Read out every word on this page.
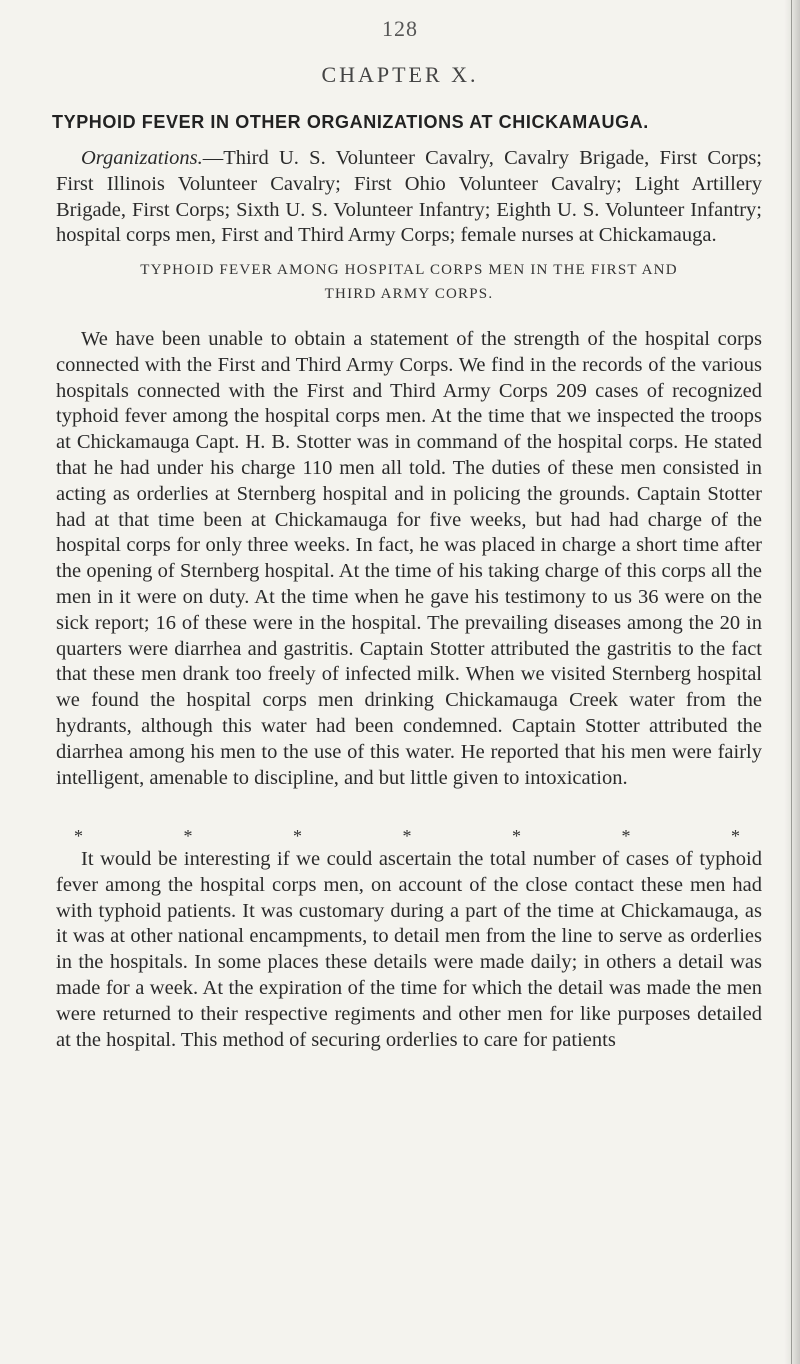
128
CHAPTER X.
TYPHOID FEVER IN OTHER ORGANIZATIONS AT CHICKAMAUGA.
Organizations.—Third U. S. Volunteer Cavalry, Cavalry Brigade, First Corps; First Illinois Volunteer Cavalry; First Ohio Volunteer Cavalry; Light Artillery Brigade, First Corps; Sixth U. S. Volunteer Infantry; Eighth U. S. Volunteer Infantry; hospital corps men, First and Third Army Corps; female nurses at Chickamauga.
TYPHOID FEVER AMONG HOSPITAL CORPS MEN IN THE FIRST AND
THIRD ARMY CORPS.
We have been unable to obtain a statement of the strength of the hospital corps connected with the First and Third Army Corps. We find in the records of the various hospitals connected with the First and Third Army Corps 209 cases of recognized typhoid fever among the hospital corps men. At the time that we inspected the troops at Chickamauga Capt. H. B. Stotter was in command of the hospital corps. He stated that he had under his charge 110 men all told. The duties of these men consisted in acting as orderlies at Sternberg hospital and in policing the grounds. Captain Stotter had at that time been at Chickamauga for five weeks, but had had charge of the hospital corps for only three weeks. In fact, he was placed in charge a short time after the opening of Sternberg hospital. At the time of his taking charge of this corps all the men in it were on duty. At the time when he gave his testimony to us 36 were on the sick report; 16 of these were in the hospital. The prevailing diseases among the 20 in quarters were diarrhea and gastritis. Captain Stotter attributed the gastritis to the fact that these men drank too freely of infected milk. When we visited Sternberg hospital we found the hospital corps men drinking Chickamauga Creek water from the hydrants, although this water had been condemned. Captain Stotter attributed the diarrhea among his men to the use of this water. He reported that his men were fairly intelligent, amenable to discipline, and but little given to intoxication.
*	*	*	*	*	*	*
It would be interesting if we could ascertain the total number of cases of typhoid fever among the hospital corps men, on account of the close contact these men had with typhoid patients. It was customary during a part of the time at Chickamauga, as it was at other national encampments, to detail men from the line to serve as orderlies in the hospitals. In some places these details were made daily; in others a detail was made for a week. At the expiration of the time for which the detail was made the men were returned to their respective regiments and other men for like purposes detailed at the hospital. This method of securing orderlies to care for patients
